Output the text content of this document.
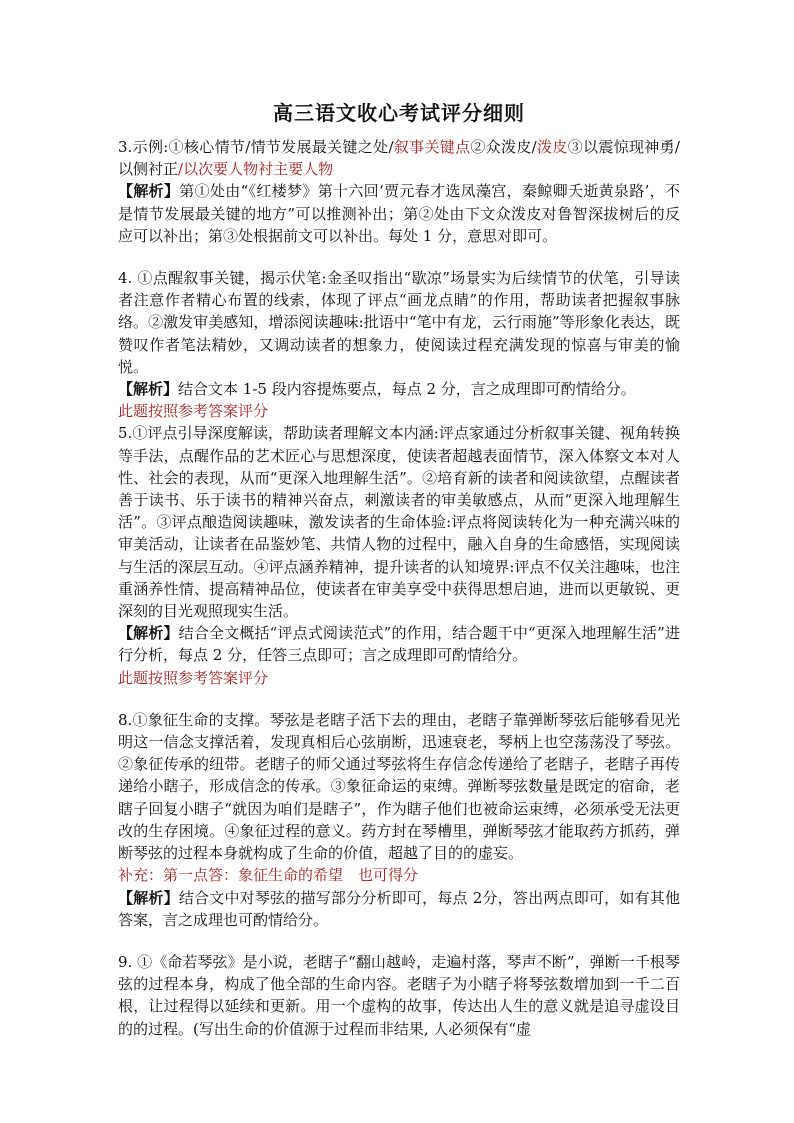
高三语文收心考试评分细则

3.示例:①核心情节/情节发展最关键之处/叙事关键点②众泼皮/泼皮③以震惊现神勇/以侧衬正/以次要人物衬主要人物

【解析】第①处由“《红楼梦》第十六回‘贾元春才选凤藻宫，秦鲸卿夭逝黄泉路’，不是情节发展最关键的地方”可以推测补出；第②处由下文众泼皮对鲁智深拔树后的反应可以补出；第③处根据前文可以补出。每处 1 分，意思对即可。

4. ①点醒叙事关键，揭示伏笔:金圣叹指出“歇凉”场景实为后续情节的伏笔，引导读者注意作者精心布置的线索，体现了评点“画龙点睛”的作用，帮助读者把握叙事脉络。②激发审美感知，增添阅读趣味:批语中“笔中有龙，云行雨施”等形象化表达，既赞叹作者笔法精妙，又调动读者的想象力，使阅读过程充满发现的惊喜与审美的愉悦。

【解析】结合文本 1-5 段内容提炼要点，每点 2 分，言之成理即可酌情给分。

此题按照参考答案评分

5.①评点引导深度解读，帮助读者理解文本内涵:评点家通过分析叙事关键、视角转换等手法，点醒作品的艺术匠心与思想深度，使读者超越表面情节，深入体察文本对人性、社会的表现，从而“更深入地理解生活”。②培育新的读者和阅读欲望，点醒读者善于读书、乐于读书的精神兴奋点，刺激读者的审美敏感点，从而“更深入地理解生活”。③评点酿造阅读趣味，激发读者的生命体验:评点将阅读转化为一种充满兴味的审美活动，让读者在品鉴妙笔、共情人物的过程中，融入自身的生命感悟，实现阅读与生活的深层互动。④评点涵养精神，提升读者的认知境界:评点不仅关注趣味，也注重涵养性情、提高精神品位，使读者在审美享受中获得思想启迪，进而以更敏锐、更深刻的目光观照现实生活。

【解析】结合全文概括“评点式阅读范式”的作用，结合题干中“更深入地理解生活”进行分析，每点 2 分，任答三点即可；言之成理即可酌情给分。

此题按照参考答案评分

8.①象征生命的支撑。琴弦是老瞎子活下去的理由，老瞎子靠弹断琴弦后能够看见光明这一信念支撑活着，发现真相后心弦崩断，迅速衰老，琴柄上也空荡荡没了琴弦。②象征传承的纽带。老瞎子的师父通过琴弦将生存信念传递给了老瞎子，老瞎子再传递给小瞎子，形成信念的传承。③象征命运的束缚。弹断琴弦数量是既定的宿命，老瞎子回复小瞎子“就因为咱们是瞎子”，作为瞎子他们也被命运束缚，必须承受无法更改的生存困境。④象征过程的意义。药方封在琴槽里，弹断琴弦才能取药方抓药，弹断琴弦的过程本身就构成了生命的价值，超越了目的的虚妄。

补充：第一点答：象征生命的希望　也可得分

【解析】结合文中对琴弦的描写部分分析即可，每点 2分，答出两点即可，如有其他答案，言之成理也可酌情给分。

9. ①《命若琴弦》是小说，老瞎子“翻山越岭，走遍村落，琴声不断”，弹断一千根琴弦的过程本身，构成了他全部的生命内容。老瞎子为小瞎子将琴弦数增加到一千二百根，让过程得以延续和更新。用一个虚构的故事，传达出人生的意义就是追寻虚设目的的过程。(写出生命的价值源于过程而非结果, 人必须保有“虚
